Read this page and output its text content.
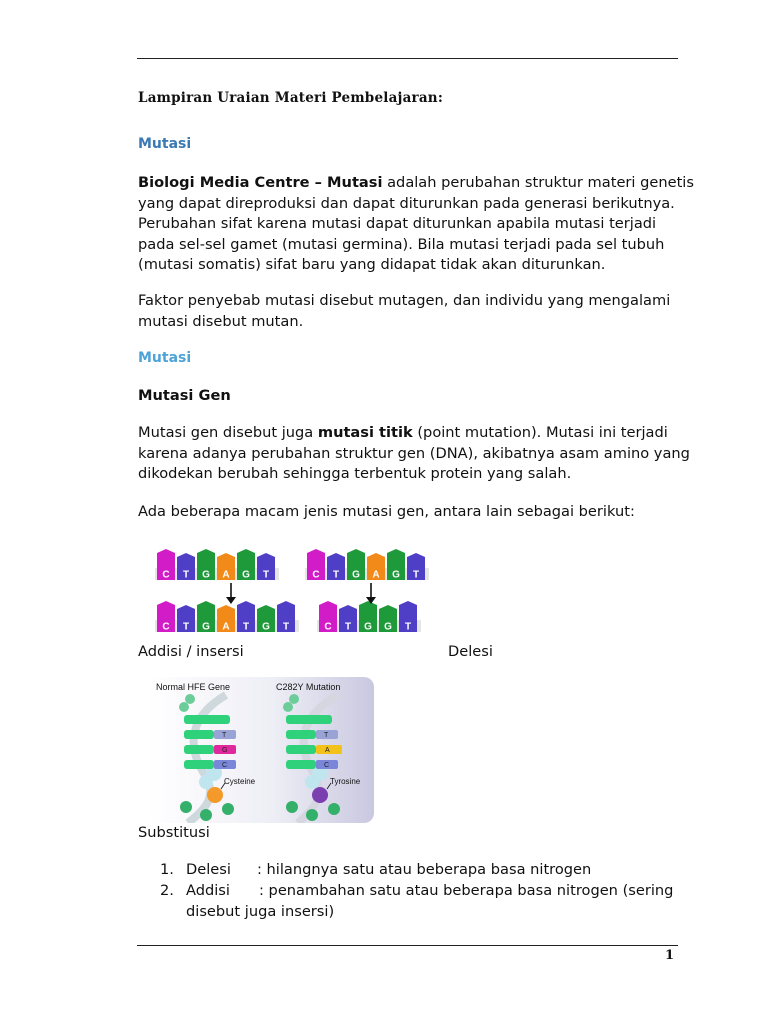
Lampiran Uraian Materi Pembelajaran:
Mutasi
Biologi Media Centre – Mutasi adalah perubahan struktur materi genetis
yang dapat direproduksi dan dapat diturunkan pada generasi berikutnya.
Perubahan sifat karena mutasi dapat diturunkan apabila mutasi terjadi
pada sel-sel gamet (mutasi germina). Bila mutasi terjadi pada sel tubuh
(mutasi somatis) sifat baru yang didapat tidak akan diturunkan.
Faktor penyebab mutasi disebut mutagen, dan individu yang mengalami
mutasi disebut mutan.
Mutasi
Mutasi Gen
Mutasi gen disebut juga mutasi titik (point mutation). Mutasi ini terjadi
karena adanya perubahan struktur gen (DNA), akibatnya asam amino yang
dikodekan berubah sehingga terbentuk protein yang salah.
Ada beberapa macam jenis mutasi gen, antara lain sebagai berikut:
C T G A G T
C T G A T G T
C T G A G T
C T G G T
Addisi / insersi	Delesi
Normal HFE Gene	C282Y Mutation
T
G
C
Cysteine
T
A
C
Tyrosine
Substitusi
1. Delesi : hilangnya satu atau beberapa basa nitrogen
2. Addisi : penambahan satu atau beberapa basa nitrogen (sering
disebut juga insersi)
1
